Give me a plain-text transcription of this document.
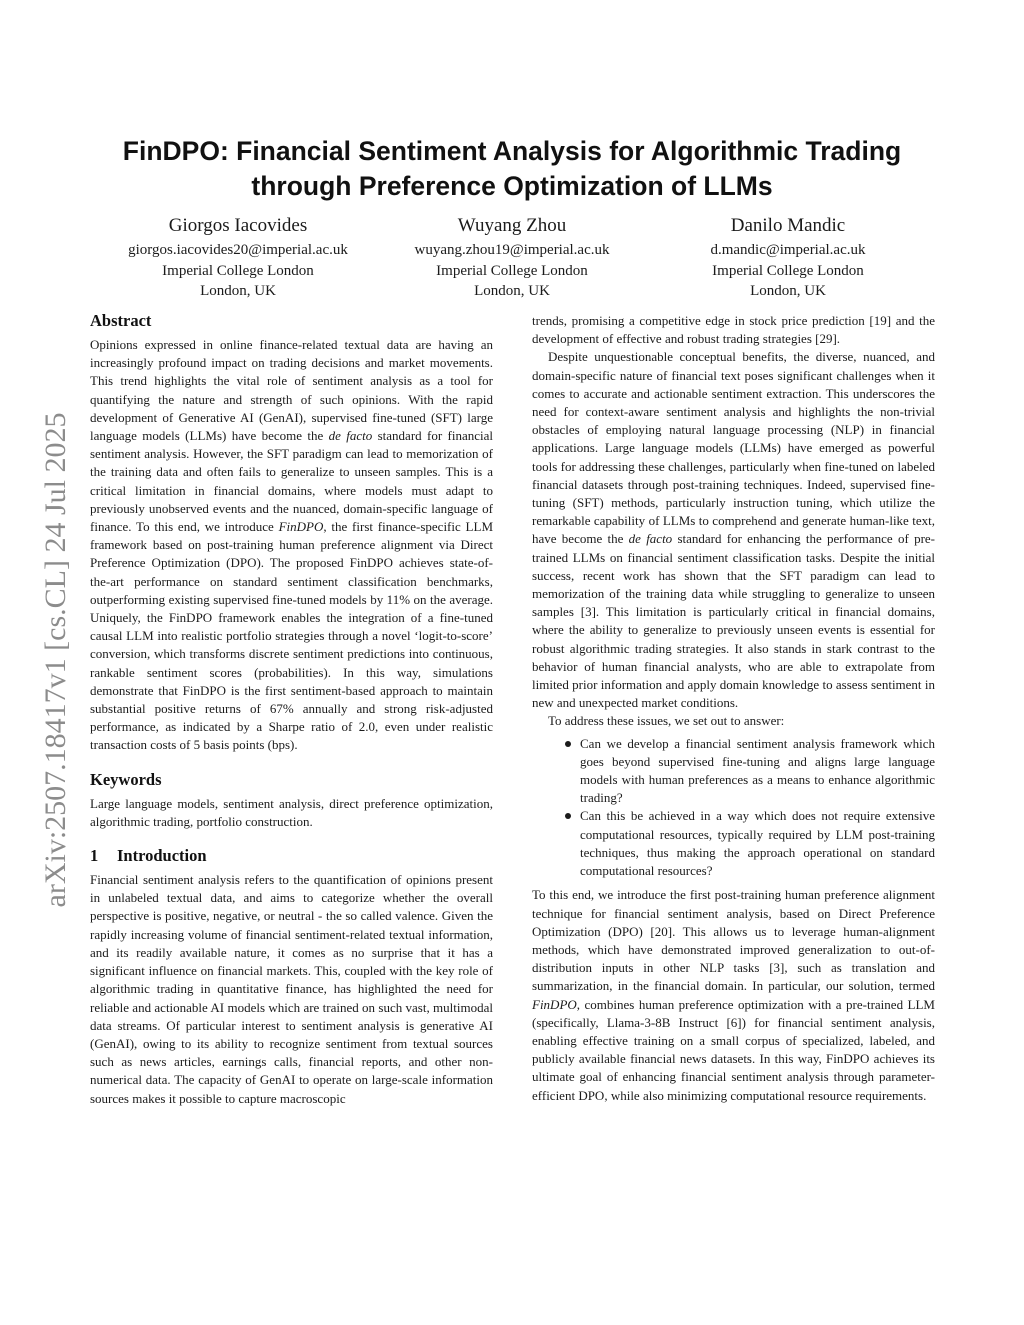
FinDPO: Financial Sentiment Analysis for Algorithmic Trading
through Preference Optimization of LLMs
Giorgos Iacovides
giorgos.iacovides20@imperial.ac.uk
Imperial College London
London, UK
Wuyang Zhou
wuyang.zhou19@imperial.ac.uk
Imperial College London
London, UK
Danilo Mandic
d.mandic@imperial.ac.uk
Imperial College London
London, UK
arXiv:2507.18417v1 [cs.CL] 24 Jul 2025
Abstract

Opinions expressed in online finance-related textual data are having an increasingly profound impact on trading decisions and market movements. This trend highlights the vital role of sentiment analysis as a tool for quantifying the nature and strength of such opinions. With the rapid development of Generative AI (GenAI), supervised fine-tuned (SFT) large language models (LLMs) have become the de facto standard for financial sentiment analysis. However, the SFT paradigm can lead to memorization of the training data and often fails to generalize to unseen samples. This is a critical limitation in financial domains, where models must adapt to previously unobserved events and the nuanced, domain-specific language of finance. To this end, we introduce FinDPO, the first finance-specific LLM framework based on post-training human preference alignment via Direct Preference Optimization (DPO). The proposed FinDPO achieves state-of-the-art performance on standard sentiment classification benchmarks, outperforming existing supervised fine-tuned models by 11% on the average. Uniquely, the FinDPO framework enables the integration of a fine-tuned causal LLM into realistic portfolio strategies through a novel ‘logit-to-score’ conversion, which transforms discrete sentiment predictions into continuous, rankable sentiment scores (probabilities). In this way, simulations demonstrate that FinDPO is the first sentiment-based approach to maintain substantial positive returns of 67% annually and strong risk-adjusted performance, as indicated by a Sharpe ratio of 2.0, even under realistic transaction costs of 5 basis points (bps).

Keywords

Large language models, sentiment analysis, direct preference optimization, algorithmic trading, portfolio construction.

1 Introduction

Financial sentiment analysis refers to the quantification of opinions present in unlabeled textual data, and aims to categorize whether the overall perspective is positive, negative, or neutral - the so called valence. Given the rapidly increasing volume of financial sentiment-related textual information, and its readily available nature, it comes as no surprise that it has a significant influence on financial markets. This, coupled with the key role of algorithmic trading in quantitative finance, has highlighted the need for reliable and actionable AI models which are trained on such vast, multimodal data streams. Of particular interest to sentiment analysis is generative AI (GenAI), owing to its ability to recognize sentiment from textual sources such as news articles, earnings calls, financial reports, and other non-numerical data. The capacity of GenAI to operate on large-scale information sources makes it possible to capture macroscopic

trends, promising a competitive edge in stock price prediction [19] and the development of effective and robust trading strategies [29].

Despite unquestionable conceptual benefits, the diverse, nuanced, and domain-specific nature of financial text poses significant challenges when it comes to accurate and actionable sentiment extraction. This underscores the need for context-aware sentiment analysis and highlights the non-trivial obstacles of employing natural language processing (NLP) in financial applications. Large language models (LLMs) have emerged as powerful tools for addressing these challenges, particularly when fine-tuned on labeled financial datasets through post-training techniques. Indeed, supervised fine-tuning (SFT) methods, particularly instruction tuning, which utilize the remarkable capability of LLMs to comprehend and generate human-like text, have become the de facto standard for enhancing the performance of pre-trained LLMs on financial sentiment classification tasks. Despite the initial success, recent work has shown that the SFT paradigm can lead to memorization of the training data while struggling to generalize to unseen samples [3]. This limitation is particularly critical in financial domains, where the ability to generalize to previously unseen events is essential for robust algorithmic trading strategies. It also stands in stark contrast to the behavior of human financial analysts, who are able to extrapolate from limited prior information and apply domain knowledge to assess sentiment in new and unexpected market conditions.

To address these issues, we set out to answer:

Can we develop a financial sentiment analysis framework which goes beyond supervised fine-tuning and aligns large language models with human preferences as a means to enhance algorithmic trading?
Can this be achieved in a way which does not require extensive computational resources, typically required by LLM post-training techniques, thus making the approach operational on standard computational resources?

To this end, we introduce the first post-training human preference alignment technique for financial sentiment analysis, based on Direct Preference Optimization (DPO) [20]. This allows us to leverage human-alignment methods, which have demonstrated improved generalization to out-of-distribution inputs in other NLP tasks [3], such as translation and summarization, in the financial domain. In particular, our solution, termed FinDPO, combines human preference optimization with a pre-trained LLM (specifically, Llama-3-8B Instruct [6]) for financial sentiment analysis, enabling effective training on a small corpus of specialized, labeled, and publicly available financial news datasets. In this way, FinDPO achieves its ultimate goal of enhancing financial sentiment analysis through parameter-efficient DPO, while also minimizing computational resource requirements.
